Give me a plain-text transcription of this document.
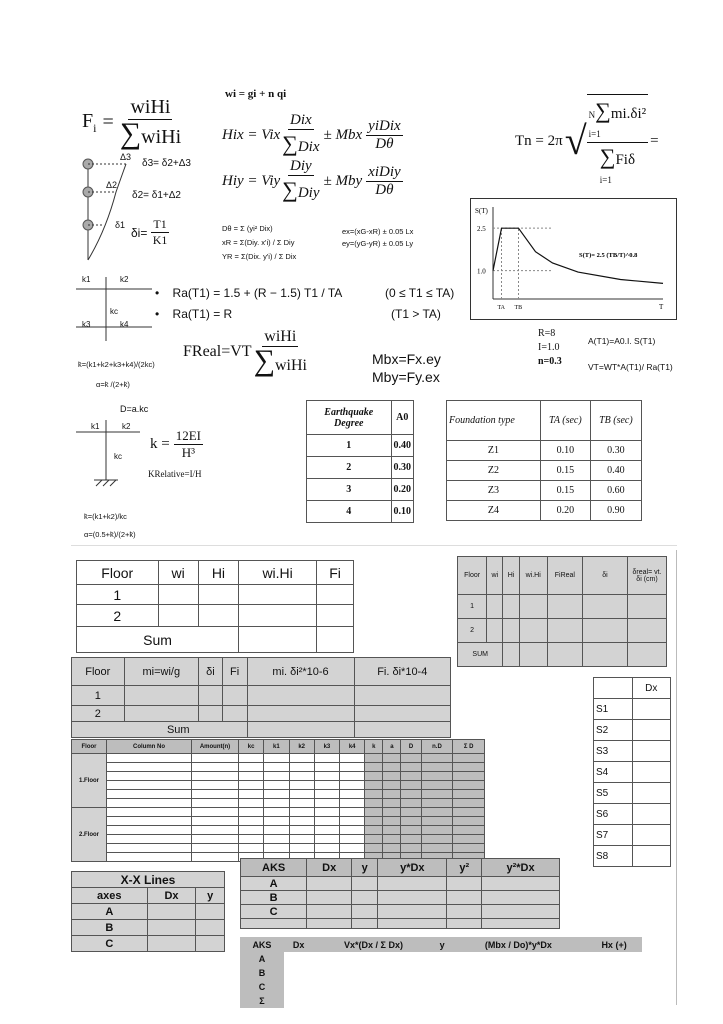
$F_i = \frac{\text{wiHi}}{\text{∑wiHi}}$
wi = gi + n qi
Hix = Vix $\frac{\text{Dix}}{\text{∑Dix}}$ ± Mbx $\frac{\text{yiDix}}{D\theta}$
Hiy = Viy $\frac{\text{Diy}}{\text{∑Diy}}$ ± Mby $\frac{\text{xiDiy}}{D\theta}$
Tn = 2π √
N∑mi.δi²
i=1
∑Fiδ
i=1
=
Δ3
Δ2
δ1
δ3= δ2+Δ3
δ2= δ1+Δ2
$\delta i= \frac{T1}{K1}$	Dθ = Σ (yi² Dix)
xR = Σ(Diy. x'i) / Σ Diy
YR = Σ(Dix. y'i) / Σ Dix
ex=(xG-xR) ± 0.05 Lx
ey=(yG-yR) ± 0.05 Ly
S(T)
T
2.5
1.0
TA TB
S(T)= 2.5 (TB/T)^0.8
k1	k2
kc
k3	k4
k̄=(k1+k2+k3+k4)/(2kc)
α=k̄ /(2+k̄)
•    Ra(T1) = 1.5 + (R − 1.5) T1 / TA
•    Ra(T1) = R
(0 ≤ T1 ≤ TA)
(T1 > TA)
FReal=VT $\frac{\text{wiHi}}{\text{∑wiHi}}$	Mbx=Fx.ey
Mby=Fy.ex
R=8
I=1.0
n=0.3
A(T1)=A0.I. S(T1)
VT=WT*A(T1)/ Ra(T1)
D=a.kc
k1	k2
kc
$k = \frac{12EI}{\text{H³}}$
KRelative=I/H
k̄=(k1+k2)/kc
α=(0.5+k̄)/(2+k̄)
Earthquake Degree	A0
1	0.40
2	0.30
3	0.20
4	0.10
Foundation type	TA (sec)	TB (sec)
Z1	0.10	0.30
Z2	0.15	0.40
Z3	0.15	0.60
Z4	0.20	0.90
Floor	wi	Hi	wi.Hi	Fi
1				
2				
Sum				
Floor	wi	Hi	wi.Hi	FiReal	δi	δreal= vt. δi (cm)
1						
2						
SUM						
Floor	mi=wi/g	δi	Fi	mi. δi²*10-6	Fi. δi*10-4
1					
2					
Sum					
	Dx
S1	
S2	
S3	
S4	
S5	
S6	
S7	
S8	
Floor	Column No	Amount(n)	kc	k1	k2	k3	k4	k	a	D	n.D	Σ D
1.Floor												

2.Floor												

X-X Lines		
axes	Dx	y
A		
B		
C		
AKS	Dx	y	y*Dx	y²	y²*Dx
A					
B					
C					

AKS	Dx	Vx*(Dx / Σ Dx)	y	(Mbx / Do)*y*Dx	Hx (+)
A					
B					
C					
Σ					
